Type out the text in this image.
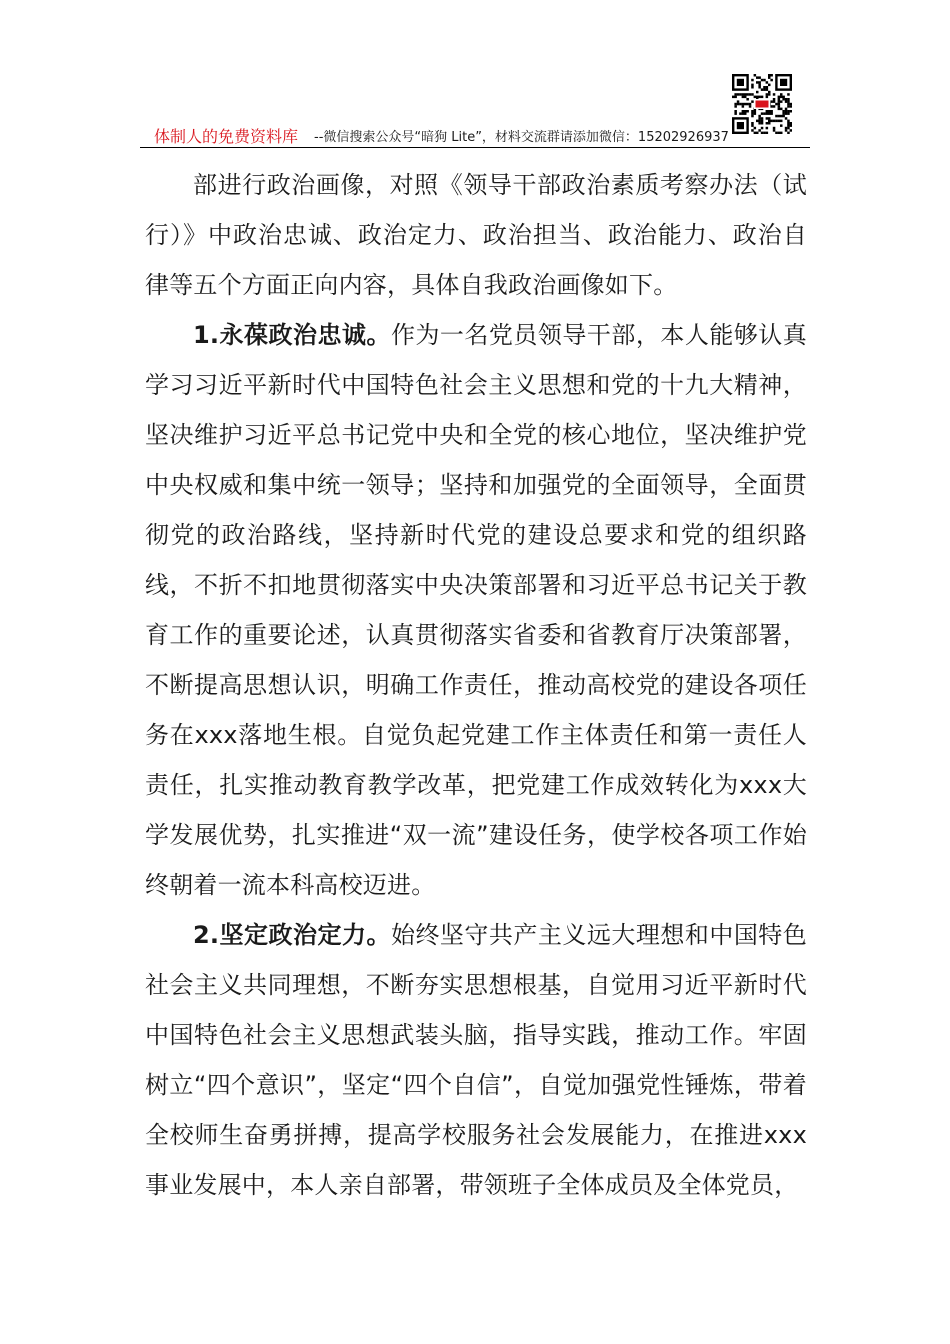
体制人的免费资料库 --微信搜索公众号“暗狗 Lite”，材料交流群请添加微信：15202926937

部进行政治画像，对照《领导干部政治素质考察办法（试行）》中政治忠诚、政治定力、政治担当、政治能力、政治自律等五个方面正向内容，具体自我政治画像如下。

1.永葆政治忠诚。作为一名党员领导干部，本人能够认真学习习近平新时代中国特色社会主义思想和党的十九大精神，坚决维护习近平总书记党中央和全党的核心地位，坚决维护党中央权威和集中统一领导；坚持和加强党的全面领导，全面贯彻党的政治路线，坚持新时代党的建设总要求和党的组织路线，不折不扣地贯彻落实中央决策部署和习近平总书记关于教育工作的重要论述，认真贯彻落实省委和省教育厅决策部署，不断提高思想认识，明确工作责任，推动高校党的建设各项任务在xxx落地生根。自觉负起党建工作主体责任和第一责任人责任，扎实推动教育教学改革，把党建工作成效转化为xxx大学发展优势，扎实推进“双一流”建设任务，使学校各项工作始终朝着一流本科高校迈进。

2.坚定政治定力。始终坚守共产主义远大理想和中国特色社会主义共同理想，不断夯实思想根基，自觉用习近平新时代中国特色社会主义思想武装头脑，指导实践，推动工作。牢固树立“四个意识”，坚定“四个自信”，自觉加强党性锤炼，带着全校师生奋勇拼搏，提高学校服务社会发展能力，在推进xxx事业发展中，本人亲自部署，带领班子全体成员及全体党员，
